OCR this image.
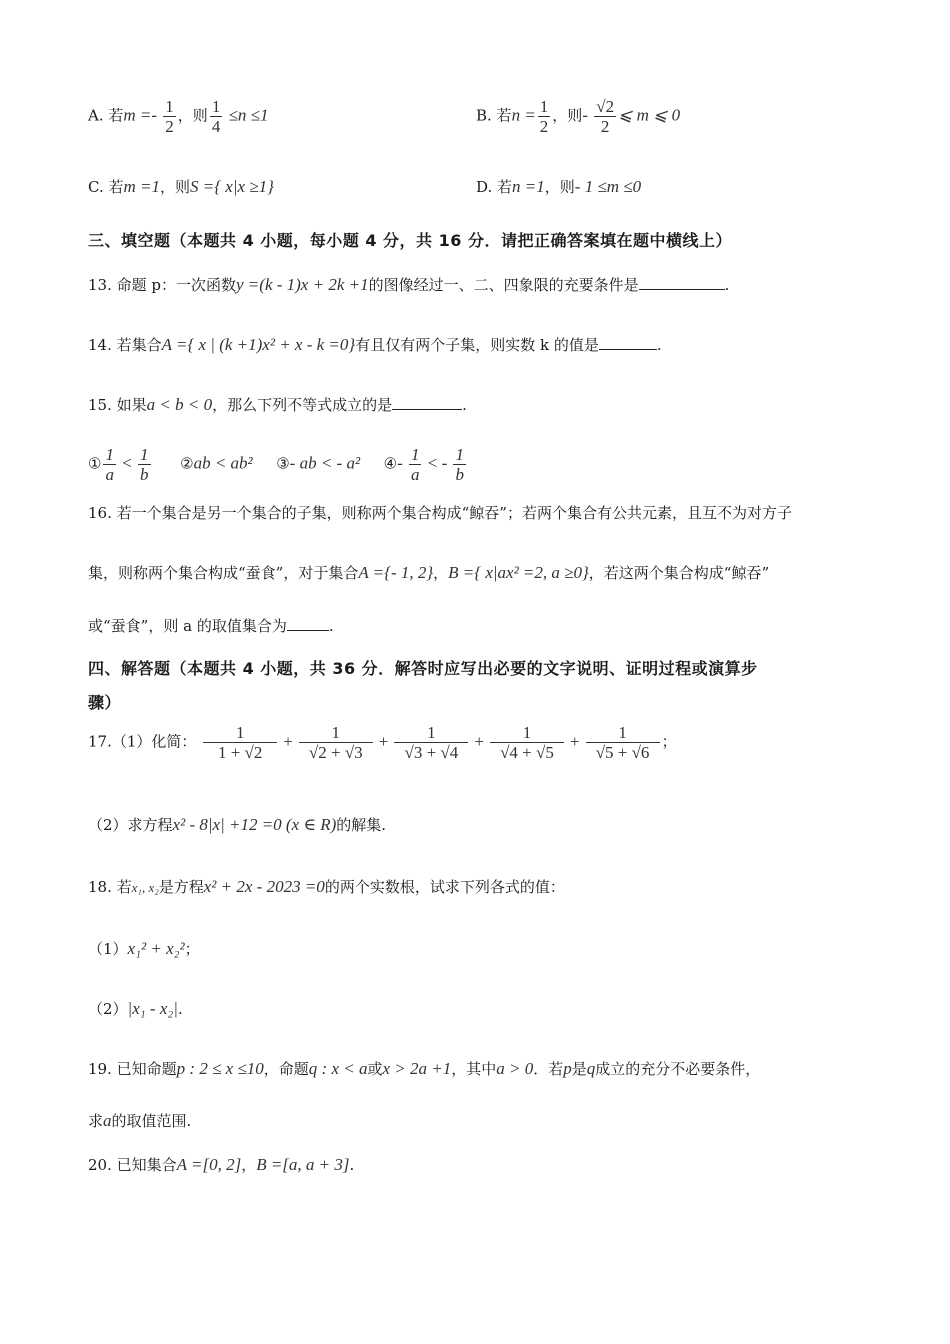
A. 若$m =- \frac{1}{2}$ ，则 $\frac{1}{4} \le n \le 1$	B. 若$n = \frac{1}{2}$ ，则- $\frac{√2}{2}$ ⩽ m ⩽ 0
C. 若m =1，则S ={ x|x ≥1}	D. 若n =1，则- 1 ≤m ≤0
三、填空题（本题共 4 小题，每小题 4 分，共 16 分．请把正确答案填在题中横线上）
13. 命题 p：一次函数y =(k - 1)x + 2k +1的图像经过一、二、四象限的充要条件是	.
14. 若集合A ={ x | (k +1)x² + x - k =0}有且仅有两个子集，则实数 k 的值是	.
15. 如果a < b < 0，那么下列不等式成立的是	.
① $\frac{1}{a} < \frac{1}{b}$ ②ab < ab² ③- ab < - a² ④- $\frac{1}{a}$ < - $\frac{1}{b}$
16. 若一个集合是另一个集合的子集，则称两个集合构成“鲸吞”；若两个集合有公共元素，且互不为对方子
集，则称两个集合构成“蚕食”，对于集合A ={- 1, 2}，B ={ x|ax² =2, a ≥0}，若这两个集合构成“鲸吞”
或“蚕食”，则 a 的取值集合为	.
四、解答题（本题共 4 小题，共 36 分．解答时应写出必要的文字说明、证明过程或演算步
骤）
17.（1）化简： $\frac{1}{1 + √2} + \frac{1}{√2 + √3} + \frac{1}{√3 + √4} + \frac{1}{√4 + √5} + \frac{1}{√5 + √6}$ ；
（2）求方程x² - 8|x| +12 =0 (x ∈ R)的解集.
18. 若x₁, x₂是方程x² + 2x - 2023 =0的两个实数根，试求下列各式的值：
（1）x₁² + x₂²；
（2）|x₁ - x₂|.
19. 已知命题p : 2 ≤ x ≤10，命题q : x < a或x > 2a +1，其中a > 0．若p是q成立的充分不必要条件，
求a的取值范围.
20. 已知集合A =[0, 2]，B =[a, a + 3].
